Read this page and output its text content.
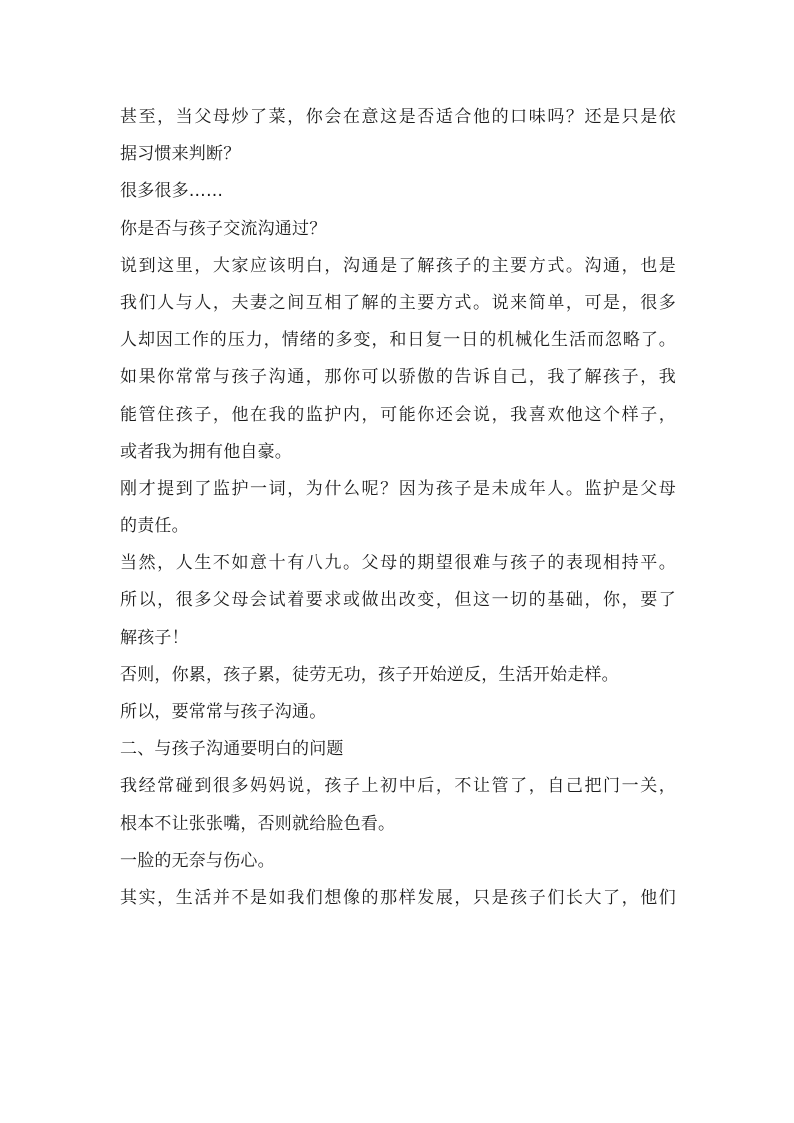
甚至，当父母炒了菜，你会在意这是否适合他的口味吗？还是只是依
据习惯来判断？
很多很多……
你是否与孩子交流沟通过？
说到这里，大家应该明白，沟通是了解孩子的主要方式。沟通，也是
我们人与人，夫妻之间互相了解的主要方式。说来简单，可是，很多
人却因工作的压力，情绪的多变，和日复一日的机械化生活而忽略了。
如果你常常与孩子沟通，那你可以骄傲的告诉自己，我了解孩子，我
能管住孩子，他在我的监护内，可能你还会说，我喜欢他这个样子，
或者我为拥有他自豪。
刚才提到了监护一词，为什么呢？因为孩子是未成年人。监护是父母
的责任。
当然，人生不如意十有八九。父母的期望很难与孩子的表现相持平。
所以，很多父母会试着要求或做出改变，但这一切的基础，你，要了
解孩子！
否则，你累，孩子累，徒劳无功，孩子开始逆反，生活开始走样。
所以，要常常与孩子沟通。
二、与孩子沟通要明白的问题
我经常碰到很多妈妈说，孩子上初中后，不让管了，自己把门一关，
根本不让张张嘴，否则就给脸色看。
一脸的无奈与伤心。
其实，生活并不是如我们想像的那样发展，只是孩子们长大了，他们
